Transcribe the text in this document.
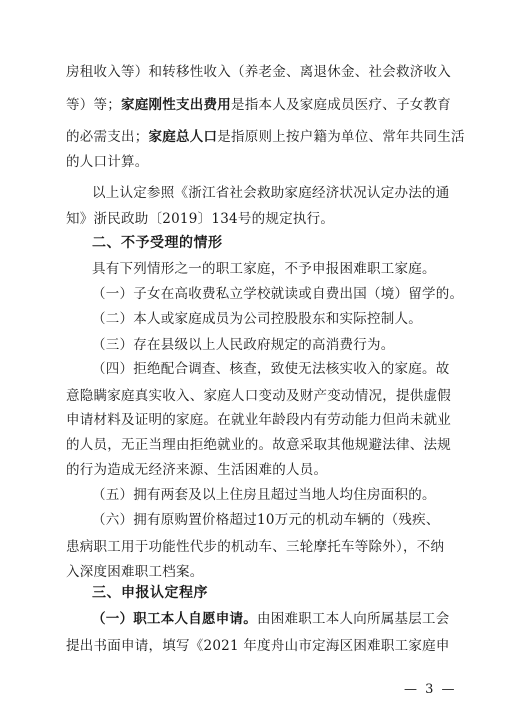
房租收入等）和转移性收入（养老金、离退休金、社会救济收入
等）等；家庭刚性支出费用是指本人及家庭成员医疗、子女教育
的必需支出；家庭总人口是指原则上按户籍为单位、常年共同生活
的人口计算。
以上认定参照《浙江省社会救助家庭经济状况认定办法的通
知》浙民政助〔2019〕134号的规定执行。
二、不予受理的情形
具有下列情形之一的职工家庭，不予申报困难职工家庭。
（一）子女在高收费私立学校就读或自费出国（境）留学的。
（二）本人或家庭成员为公司控股股东和实际控制人。
（三）存在县级以上人民政府规定的高消费行为。
（四）拒绝配合调查、核查，致使无法核实收入的家庭。故
意隐瞒家庭真实收入、家庭人口变动及财产变动情况，提供虚假
申请材料及证明的家庭。在就业年龄段内有劳动能力但尚未就业
的人员，无正当理由拒绝就业的。故意采取其他规避法律、法规
的行为造成无经济来源、生活困难的人员。
（五）拥有两套及以上住房且超过当地人均住房面积的。
（六）拥有原购置价格超过10万元的机动车辆的（残疾、
患病职工用于功能性代步的机动车、三轮摩托车等除外），不纳
入深度困难职工档案。
三、申报认定程序
（一）职工本人自愿申请。由困难职工本人向所属基层工会
提出书面申请，填写《2021 年度舟山市定海区困难职工家庭申
— 3 —
